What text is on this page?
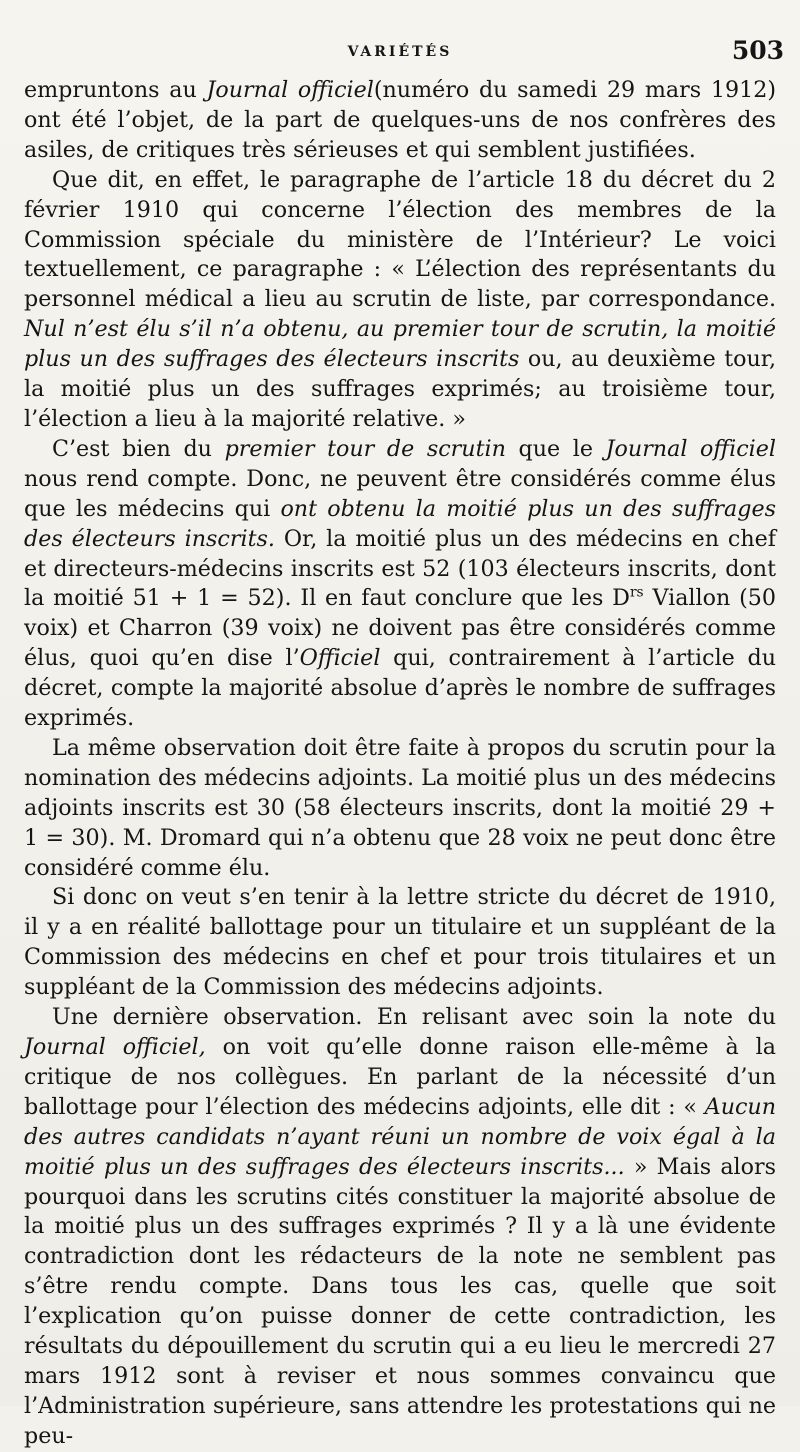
VARIÉTÉS	503

empruntons au Journal officiel(numéro du samedi 29 mars 1912) ont été l’objet, de la part de quelques-uns de nos confrères des asiles, de critiques très sérieuses et qui semblent justifiées.

Que dit, en effet, le paragraphe de l’article 18 du décret du 2 février 1910 qui concerne l’élection des membres de la Commission spéciale du ministère de l’Intérieur? Le voici textuellement, ce paragraphe : « L’élection des représentants du personnel médical a lieu au scrutin de liste, par correspondance. Nul n’est élu s’il n’a obtenu, au premier tour de scrutin, la moitié plus un des suffrages des électeurs inscrits ou, au deuxième tour, la moitié plus un des suffrages exprimés; au troisième tour, l’élection a lieu à la majorité relative. »

C’est bien du premier tour de scrutin que le Journal officiel nous rend compte. Donc, ne peuvent être considérés comme élus que les médecins qui ont obtenu la moitié plus un des suffrages des électeurs inscrits. Or, la moitié plus un des médecins en chef et directeurs-médecins inscrits est 52 (103 électeurs inscrits, dont la moitié 51 + 1 = 52). Il en faut conclure que les $D^{rs}$ Viallon (50 voix) et Charron (39 voix) ne doivent pas être considérés comme élus, quoi qu’en dise l’Officiel qui, contrairement à l’article du décret, compte la majorité absolue d’après le nombre de suffrages exprimés.

La même observation doit être faite à propos du scrutin pour la nomination des médecins adjoints. La moitié plus un des médecins adjoints inscrits est 30 (58 électeurs inscrits, dont la moitié 29 + 1 = 30). M. Dromard qui n’a obtenu que 28 voix ne peut donc être considéré comme élu.

Si donc on veut s’en tenir à la lettre stricte du décret de 1910, il y a en réalité ballottage pour un titulaire et un suppléant de la Commission des médecins en chef et pour trois titulaires et un suppléant de la Commission des médecins adjoints.

Une dernière observation. En relisant avec soin la note du Journal officiel, on voit qu’elle donne raison elle-même à la critique de nos collègues. En parlant de la nécessité d’un ballottage pour l’élection des médecins adjoints, elle dit : « Aucun des autres candidats n’ayant réuni un nombre de voix égal à la moitié plus un des suffrages des électeurs inscrits... » Mais alors pourquoi dans les scrutins cités constituer la majorité absolue de la moitié plus un des suffrages exprimés ? Il y a là une évidente contradiction dont les rédacteurs de la note ne semblent pas s’être rendu compte. Dans tous les cas, quelle que soit l’explication qu’on puisse donner de cette contradiction, les résultats du dépouillement du scrutin qui a eu lieu le mercredi 27 mars 1912 sont à reviser et nous sommes convaincu que l’Administration supérieure, sans attendre les protestations qui ne peu-
